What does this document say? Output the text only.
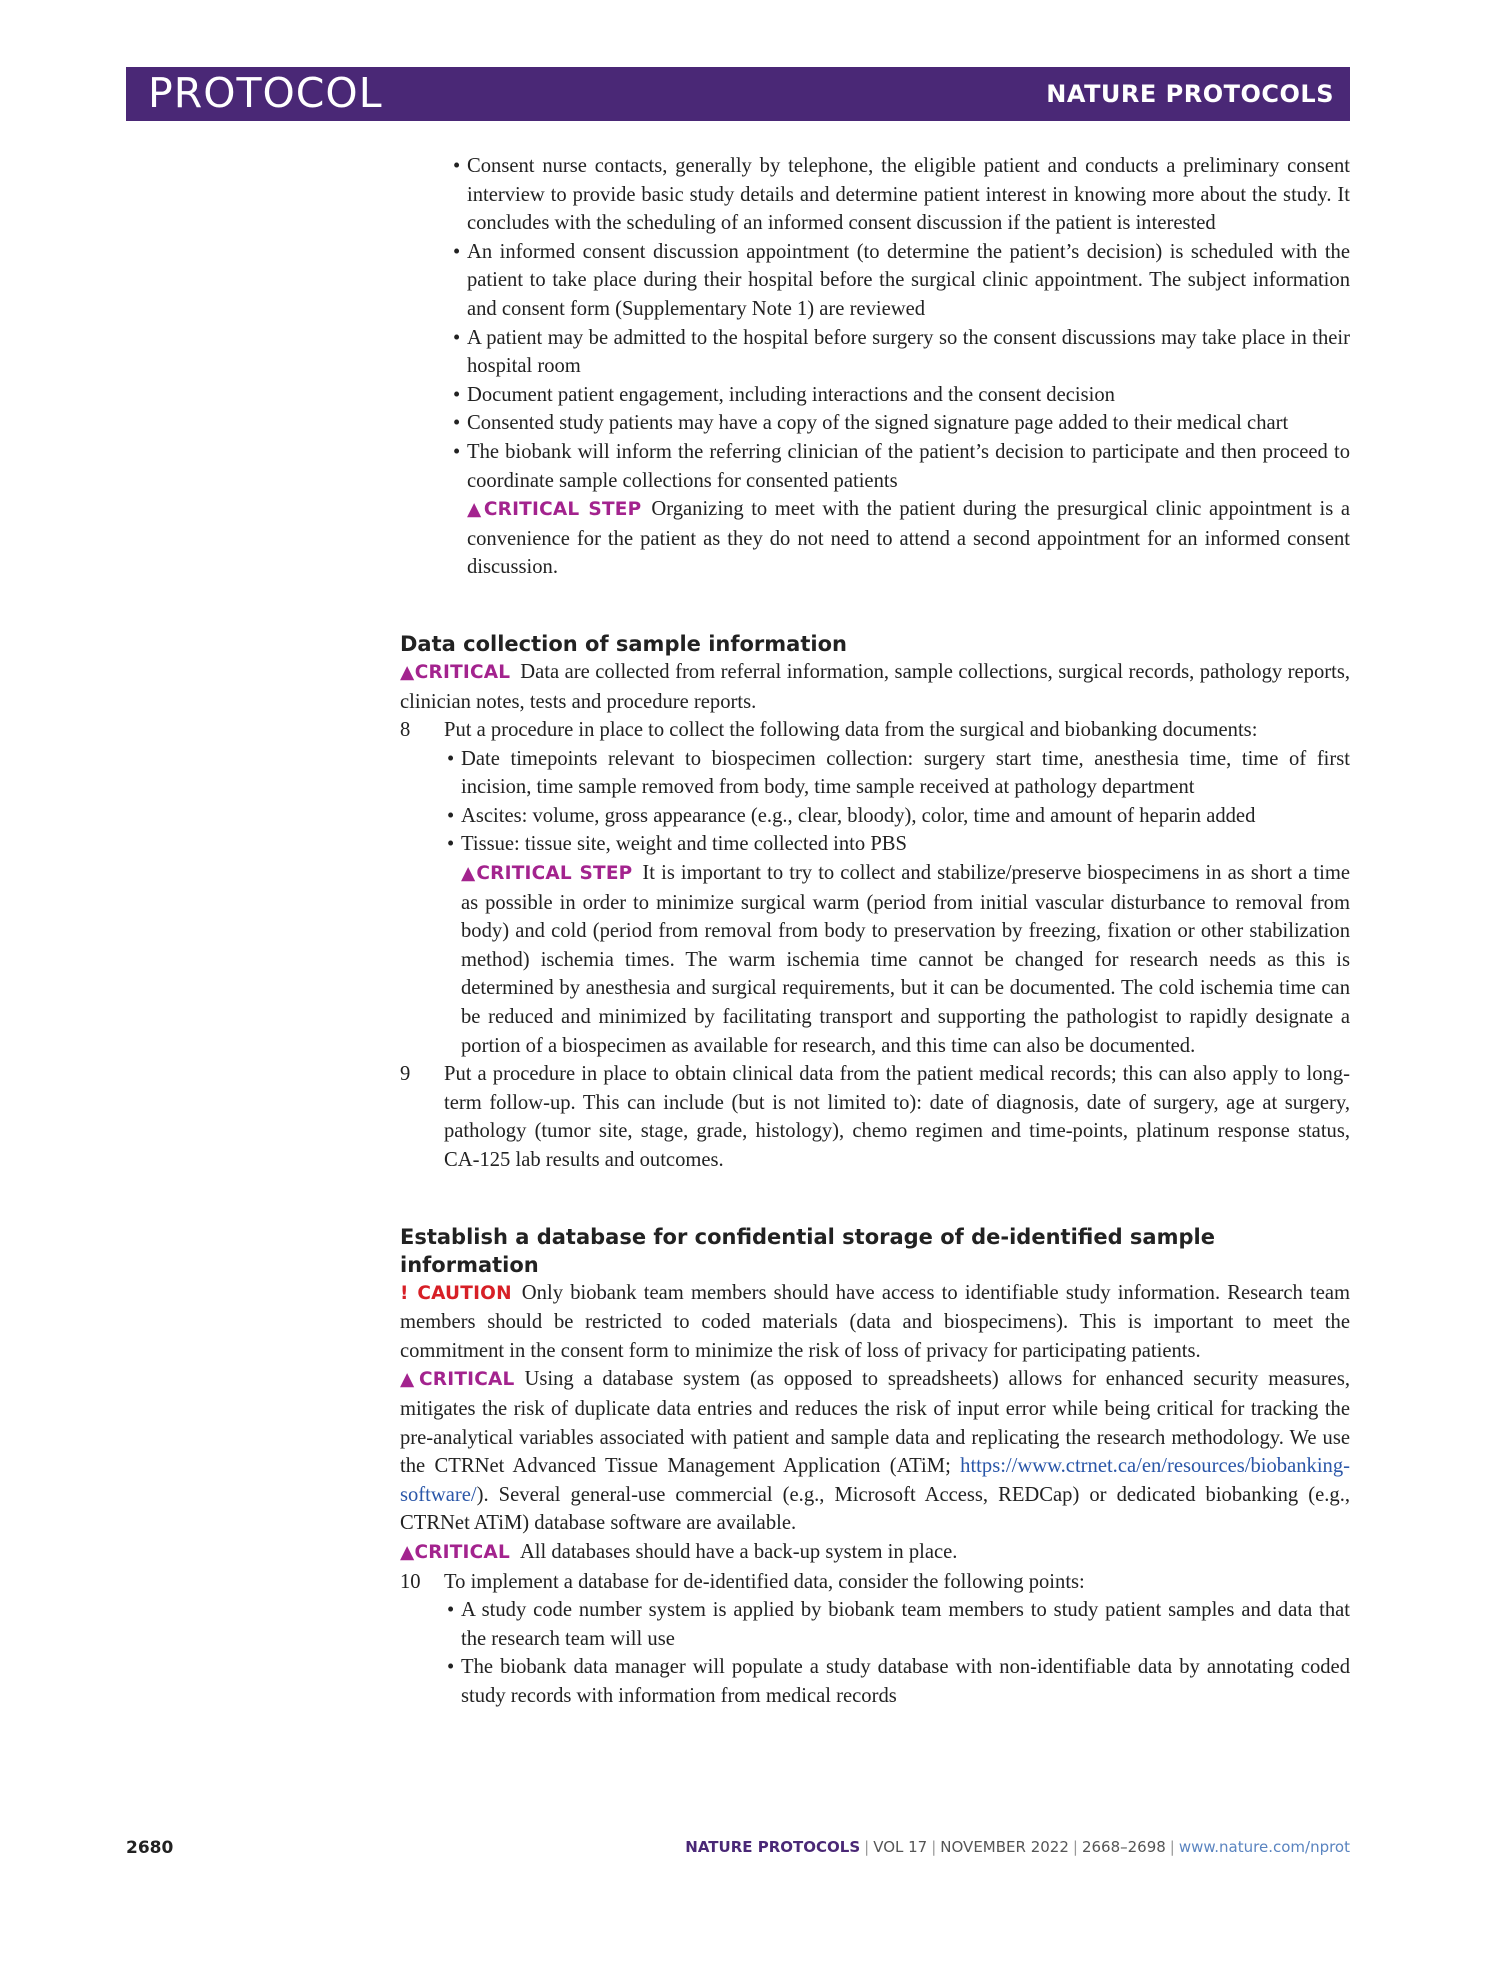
PROTOCOL	NATURE PROTOCOLS
• Consent nurse contacts, generally by telephone, the eligible patient and conducts a preliminary consent interview to provide basic study details and determine patient interest in knowing more about the study. It concludes with the scheduling of an informed consent discussion if the patient is interested
• An informed consent discussion appointment (to determine the patient’s decision) is scheduled with the patient to take place during their hospital before the surgical clinic appointment. The subject information and consent form (Supplementary Note 1) are reviewed
• A patient may be admitted to the hospital before surgery so the consent discussions may take place in their hospital room
• Document patient engagement, including interactions and the consent decision
• Consented study patients may have a copy of the signed signature page added to their medical chart
• The biobank will inform the referring clinician of the patient’s decision to participate and then proceed to coordinate sample collections for consented patients
▲CRITICAL STEP Organizing to meet with the patient during the presurgical clinic appointment is a convenience for the patient as they do not need to attend a second appointment for an informed consent discussion.
Data collection of sample information
▲CRITICAL Data are collected from referral information, sample collections, surgical records, pathology reports, clinician notes, tests and procedure reports.
8 Put a procedure in place to collect the following data from the surgical and biobanking documents:
• Date timepoints relevant to biospecimen collection: surgery start time, anesthesia time, time of first incision, time sample removed from body, time sample received at pathology department
• Ascites: volume, gross appearance (e.g., clear, bloody), color, time and amount of heparin added
• Tissue: tissue site, weight and time collected into PBS
▲CRITICAL STEP It is important to try to collect and stabilize/preserve biospecimens in as short a time as possible in order to minimize surgical warm (period from initial vascular disturbance to removal from body) and cold (period from removal from body to preservation by freezing, fixation or other stabilization method) ischemia times. The warm ischemia time cannot be changed for research needs as this is determined by anesthesia and surgical requirements, but it can be documented. The cold ischemia time can be reduced and minimized by facilitating transport and supporting the pathologist to rapidly designate a portion of a biospecimen as available for research, and this time can also be documented.
9 Put a procedure in place to obtain clinical data from the patient medical records; this can also apply to long-term follow-up. This can include (but is not limited to): date of diagnosis, date of surgery, age at surgery, pathology (tumor site, stage, grade, histology), chemo regimen and time-points, platinum response status, CA-125 lab results and outcomes.
Establish a database for confidential storage of de-identified sample information
! CAUTION Only biobank team members should have access to identifiable study information. Research team members should be restricted to coded materials (data and biospecimens). This is important to meet the commitment in the consent form to minimize the risk of loss of privacy for participating patients.
▲CRITICAL Using a database system (as opposed to spreadsheets) allows for enhanced security measures, mitigates the risk of duplicate data entries and reduces the risk of input error while being critical for tracking the pre-analytical variables associated with patient and sample data and replicating the research methodology. We use the CTRNet Advanced Tissue Management Application (ATiM; https://www.ctrnet.ca/en/resources/biobanking-software/). Several general-use commercial (e.g., Microsoft Access, REDCap) or dedicated biobanking (e.g., CTRNet ATiM) database software are available.
▲CRITICAL All databases should have a back-up system in place.
10 To implement a database for de-identified data, consider the following points:
• A study code number system is applied by biobank team members to study patient samples and data that the research team will use
• The biobank data manager will populate a study database with non-identifiable data by annotating coded study records with information from medical records
2680	NATURE PROTOCOLS | VOL 17 | NOVEMBER 2022 | 2668–2698 | www.nature.com/nprot
